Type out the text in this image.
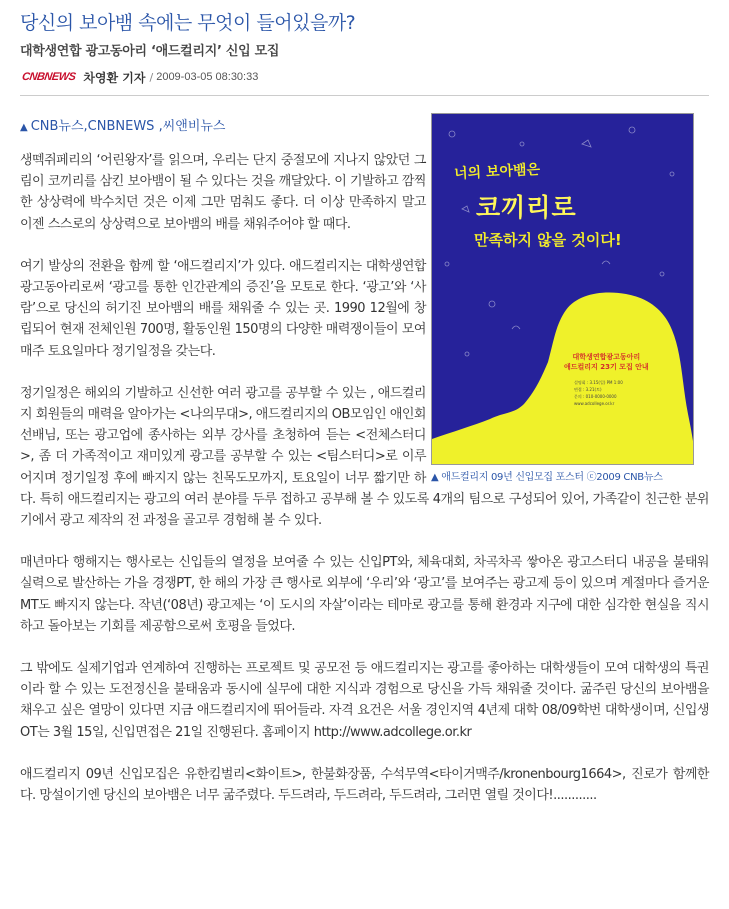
당신의 보아뱀 속에는 무엇이 들어있을까?
대학생연합 광고동아리 ‘애드컬리지’ 신입 모집
CNBNEWS 차영환 기자 / 2009-03-05 08:30:33
▲ CNB뉴스,CNBNEWS ,씨앤비뉴스
너의 보아뱀은
코끼리로
만족하지 않을 것이다!
대학생연합광고동아리
애드컬리지 23기 모집 안내
설명회 : 3.15(일) PM 1:00
면접 : 3.21(토)
문의 : 010-0000-0000
www.adcollege.or.kr
▲ 애드컬리지 09년 신입모집 포스터 ⓒ2009 CNB뉴스

생떽쥐페리의 ‘어린왕자’를 읽으며, 우리는 단지 중절모에 지나지 않았던 그림이 코끼리를 삼킨 보아뱀이 될 수 있다는 것을 깨달았다. 이 기발하고 깜찍한 상상력에 박수치던 것은 이제 그만 멈춰도 좋다. 더 이상 만족하지 말고 이젠 스스로의 상상력으로 보아뱀의 배를 채워주어야 할 때다.

여기 발상의 전환을 함께 할 ‘애드컬리지’가 있다. 애드컬리지는 대학생연합 광고동아리로써 ‘광고를 통한 인간관계의 증진’을 모토로 한다. ‘광고’와 ‘사람’으로 당신의 허기진 보아뱀의 배를 채워줄 수 있는 곳. 1990 12월에 창립되어 현재 전체인원 700명, 활동인원 150명의 다양한 매력쟁이들이 모여 매주 토요일마다 정기일정을 갖는다.

정기일정은 해외의 기발하고 신선한 여러 광고를 공부할 수 있는 , 애드컬리지 회원들의 매력을 알아가는 <나의무대>, 애드컬리지의 OB모임인 애인회 선배님, 또는 광고업에 종사하는 외부 강사를 초청하여 듣는 <전체스터디>, 좀 더 가족적이고 재미있게 광고를 공부할 수 있는 <팀스터디>로 이루어지며 정기일정 후에 빠지지 않는 친목도모까지, 토요일이 너무 짧기만 하다. 특히 애드컬리지는 광고의 여러 분야를 두루 접하고 공부해 볼 수 있도록 4개의 팀으로 구성되어 있어, 가족같이 친근한 분위기에서 광고 제작의 전 과정을 골고루 경험해 볼 수 있다.

매년마다 행해지는 행사로는 신입들의 열정을 보여줄 수 있는 신입PT와, 체육대회, 차곡차곡 쌓아온 광고스터디 내공을 불태워 실력으로 발산하는 가을 경쟁PT, 한 해의 가장 큰 행사로 외부에 ‘우리’와 ‘광고’를 보여주는 광고제 등이 있으며 계절마다 즐거운 MT도 빠지지 않는다. 작년(‘08년) 광고제는 ‘이 도시의 자살’이라는 테마로 광고를 통해 환경과 지구에 대한 심각한 현실을 직시하고 돌아보는 기회를 제공함으로써 호평을 들었다.

그 밖에도 실제기업과 연계하여 진행하는 프로젝트 및 공모전 등 애드컬리지는 광고를 좋아하는 대학생들이 모여 대학생의 특권이라 할 수 있는 도전정신을 불태움과 동시에 실무에 대한 지식과 경험으로 당신을 가득 채워줄 것이다. 굶주린 당신의 보아뱀을 채우고 싶은 열망이 있다면 지금 애드컬리지에 뛰어들라. 자격 요건은 서울 경인지역 4년제 대학 08/09학번 대학생이며, 신입생OT는 3월 15일, 신입면접은 21일 진행된다. 홈페이지 http://www.adcollege.or.kr

애드컬리지 09년 신입모집은 유한킴벌리<화이트>, 한불화장품, 수석무역<타이거맥주/kronenbourg1664>, 진로가 함께한다. 망설이기엔 당신의 보아뱀은 너무 굶주렸다. 두드려라, 두드려라, 두드려라, 그러면 열릴 것이다!............
